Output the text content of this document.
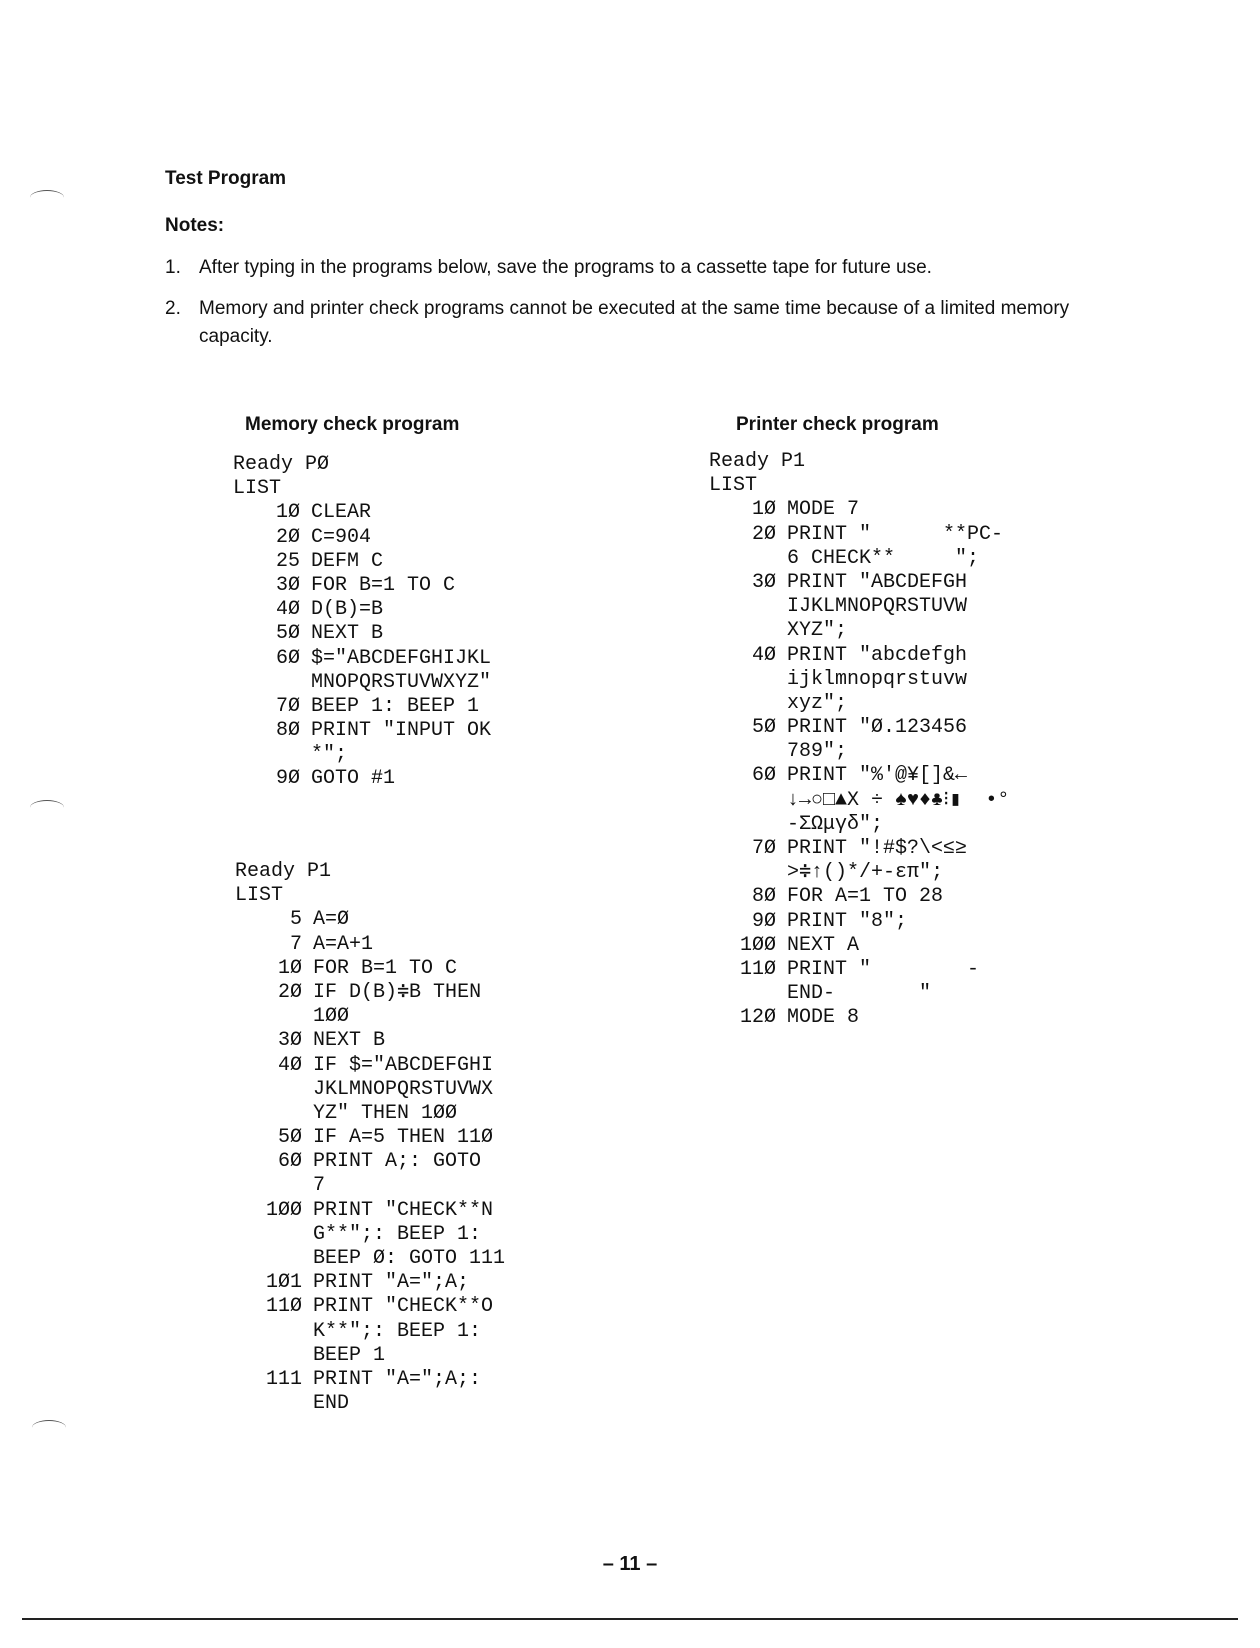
Test Program
Notes:
1. After typing in the programs below, save the programs to a cassette tape for future use.
2. Memory and printer check programs cannot be executed at the same time because of a limited memory capacity.
Memory check program	Printer check program
Ready PØ
LIST
1Ø CLEAR
2Ø C=904
25 DEFM C
3Ø FOR B=1 TO C
4Ø D(B)=B
5Ø NEXT B
6Ø $="ABCDEFGHIJKL
MNOPQRSTUVWXYZ"
7Ø BEEP 1: BEEP 1
8Ø PRINT "INPUT OK
*";
9Ø GOTO #1
Ready P1
LIST
5 A=Ø
7 A=A+1
1Ø FOR B=1 TO C
2Ø IF D(B)≑B THEN
1ØØ
3Ø NEXT B
4Ø IF $="ABCDEFGHI
JKLMNOPQRSTUVWX
YZ" THEN 1ØØ
5Ø IF A=5 THEN 11Ø
6Ø PRINT A;: GOTO
7
1ØØ PRINT "CHECK**N
G**";: BEEP 1:
BEEP Ø: GOTO 111
1Ø1 PRINT "A=";A;
11Ø PRINT "CHECK**O
K**";: BEEP 1:
BEEP 1
111 PRINT "A=";A;:
END
Ready P1
LIST
1Ø MODE 7
2Ø PRINT "      **PC-
6 CHECK**     ";
3Ø PRINT "ABCDEFGH
IJKLMNOPQRSTUVW
XYZ";
4Ø PRINT "abcdefgh
ijklmnopqrstuvw
xyz";
5Ø PRINT "Ø.123456
789";
6Ø PRINT "%'@¥[]&←
↓→○□▲X ÷ ♠♥♦♣⁝▮  •°
-ΣΩμγδ";
7Ø PRINT "!#$?\<≤≥
>≑↑()*/+-επ";
8Ø FOR A=1 TO 28
9Ø PRINT "8";
1ØØ NEXT A
11Ø PRINT "        -
END-       "
12Ø MODE 8
– 11 –
